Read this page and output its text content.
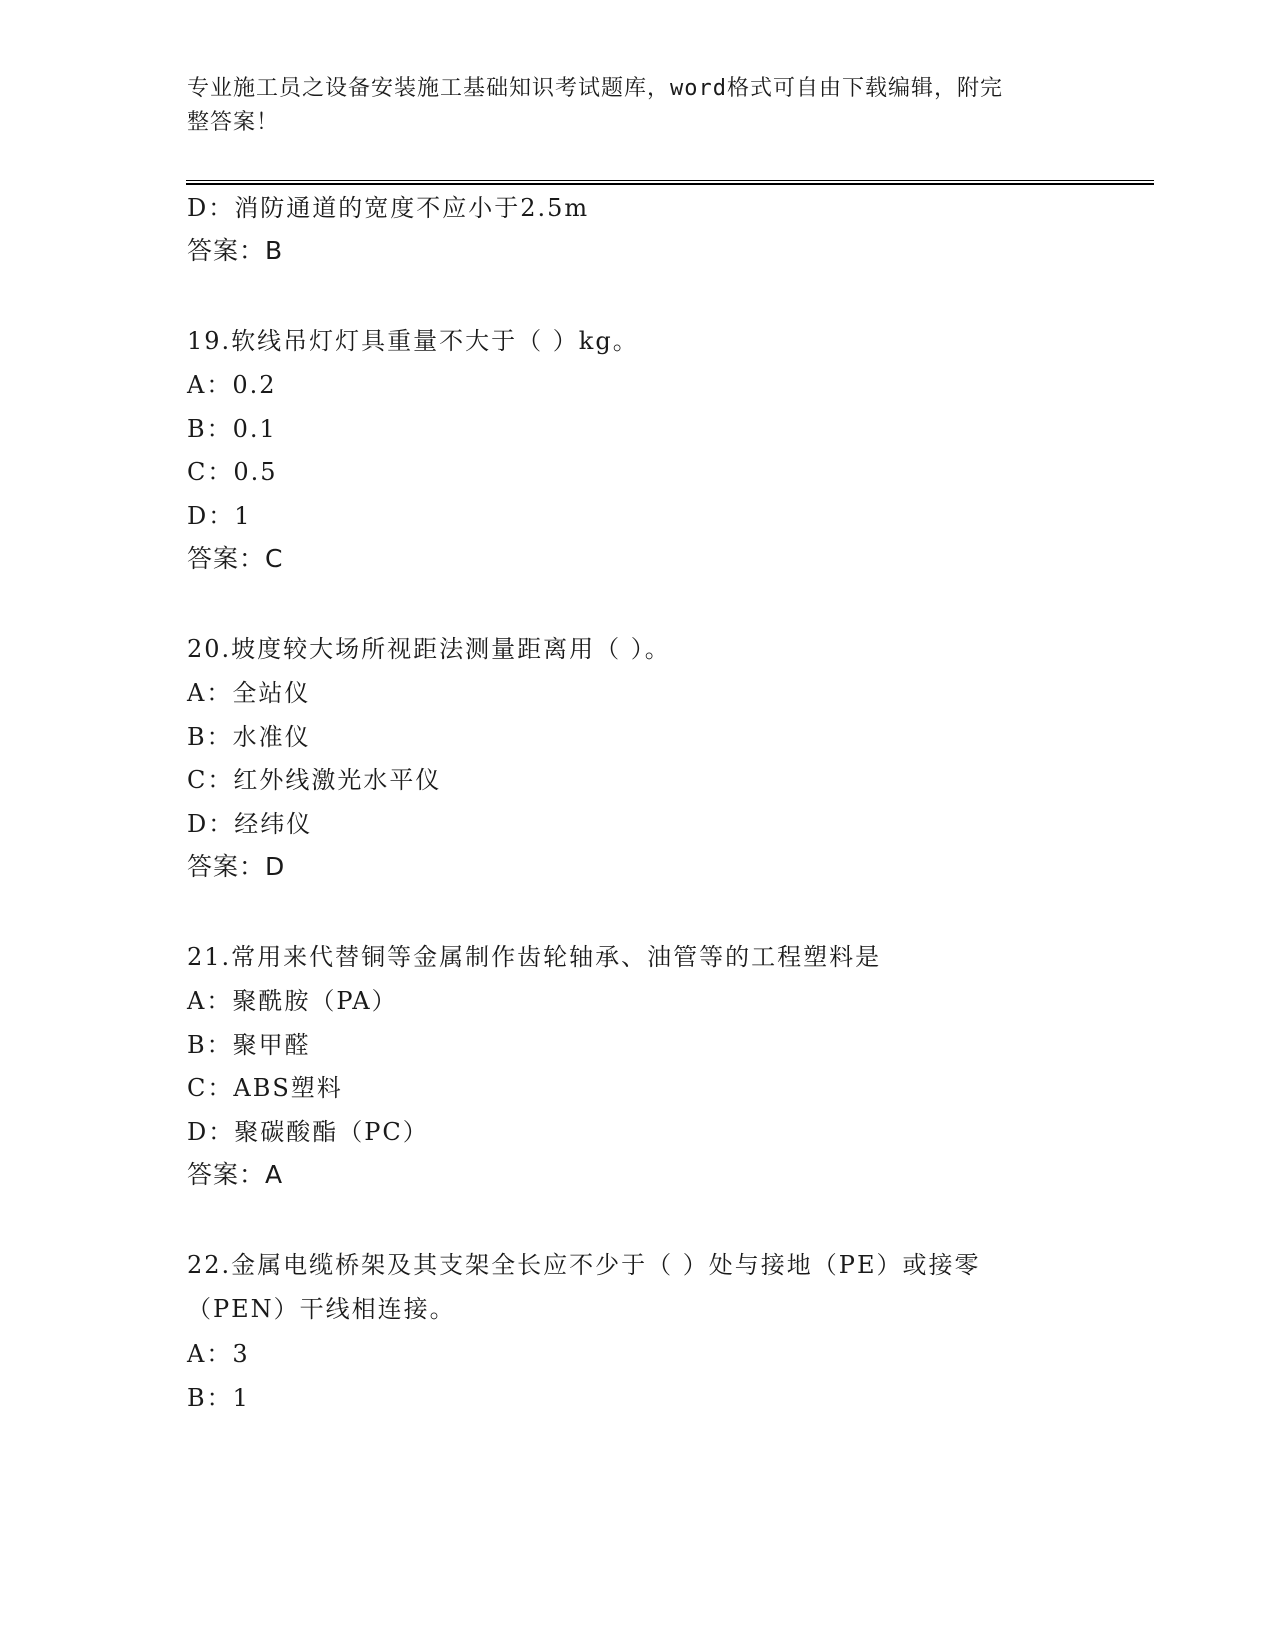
专业施工员之设备安装施工基础知识考试题库，word格式可自由下载编辑，附完
整答案！
D：消防通道的宽度不应小于2.5m
答案：B
19.软线吊灯灯具重量不大于（ ）kg。
A：0.2
B：0.1
C：0.5
D：1
答案：C
20.坡度较大场所视距法测量距离用（ ）。
A：全站仪
B：水准仪
C：红外线激光水平仪
D：经纬仪
答案：D
21.常用来代替铜等金属制作齿轮轴承、油管等的工程塑料是
A：聚酰胺（PA）
B：聚甲醛
C：ABS塑料
D：聚碳酸酯（PC）
答案：A
22.金属电缆桥架及其支架全长应不少于（ ）处与接地（PE）或接零
（PEN）干线相连接。
A：3
B：1
